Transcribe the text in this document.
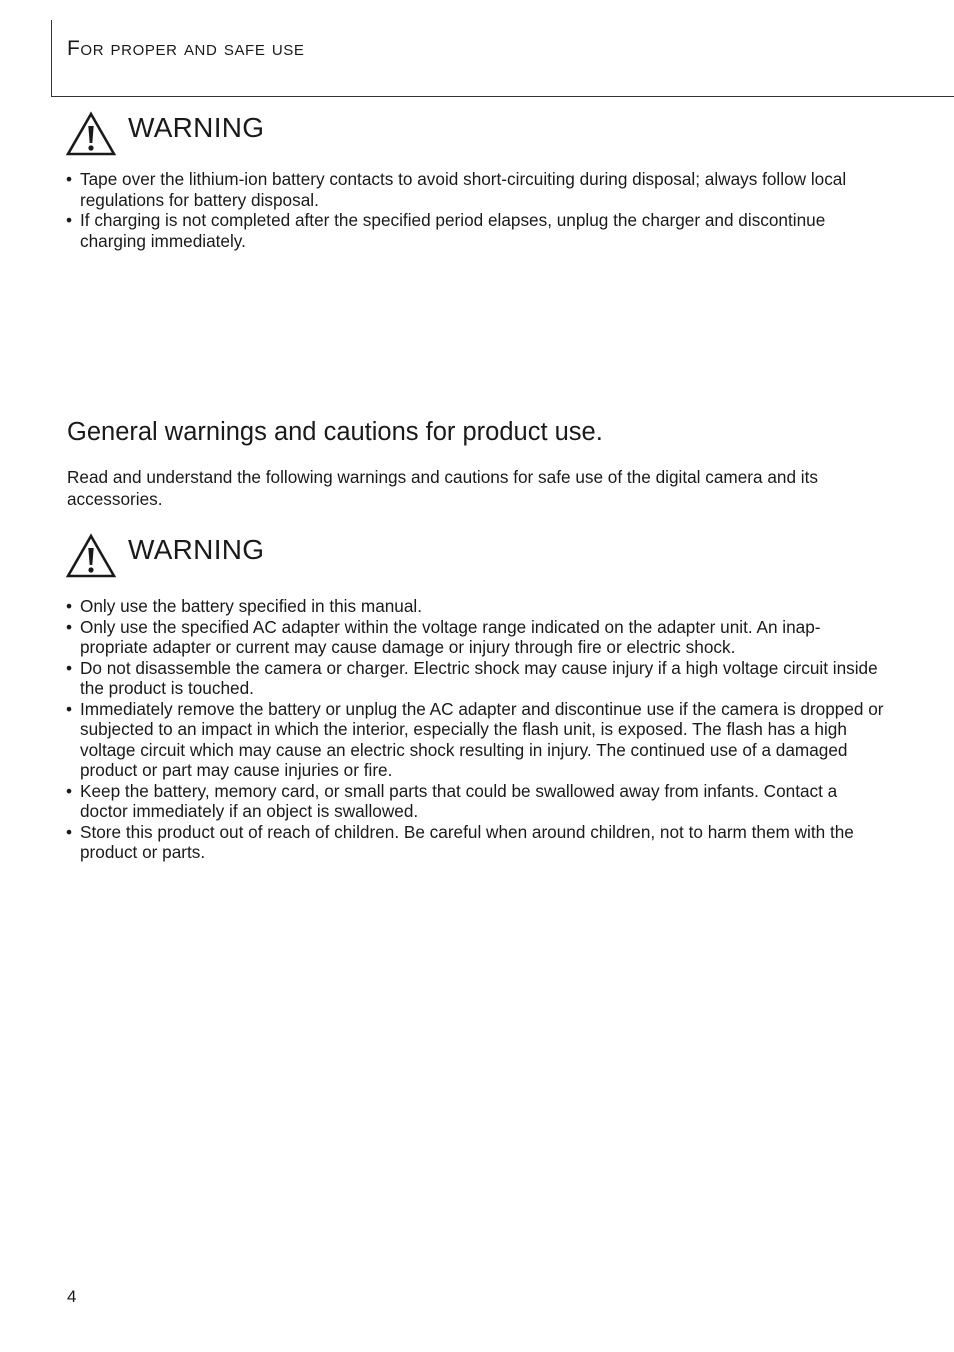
For proper and safe use
WARNING
• Tape over the lithium-ion battery contacts to avoid short-circuiting during disposal; always follow local regulations for battery disposal.
• If charging is not completed after the specified period elapses, unplug the charger and discontinue charging immediately.
General warnings and cautions for product use.
Read and understand the following warnings and cautions for safe use of the digital camera and its accessories.
WARNING
• Only use the battery specified in this manual.
• Only use the specified AC adapter within the voltage range indicated on the adapter unit. An inap-propriate adapter or current may cause damage or injury through fire or electric shock.
• Do not disassemble the camera or charger. Electric shock may cause injury if a high voltage circuit inside the product is touched.
• Immediately remove the battery or unplug the AC adapter and discontinue use if the camera is dropped or subjected to an impact in which the interior, especially the flash unit, is exposed. The flash has a high voltage circuit which may cause an electric shock resulting in injury. The continued use of a damaged product or part may cause injuries or fire.
• Keep the battery, memory card, or small parts that could be swallowed away from infants. Contact a doctor immediately if an object is swallowed.
• Store this product out of reach of children. Be careful when around children, not to harm them with the product or parts.
4
